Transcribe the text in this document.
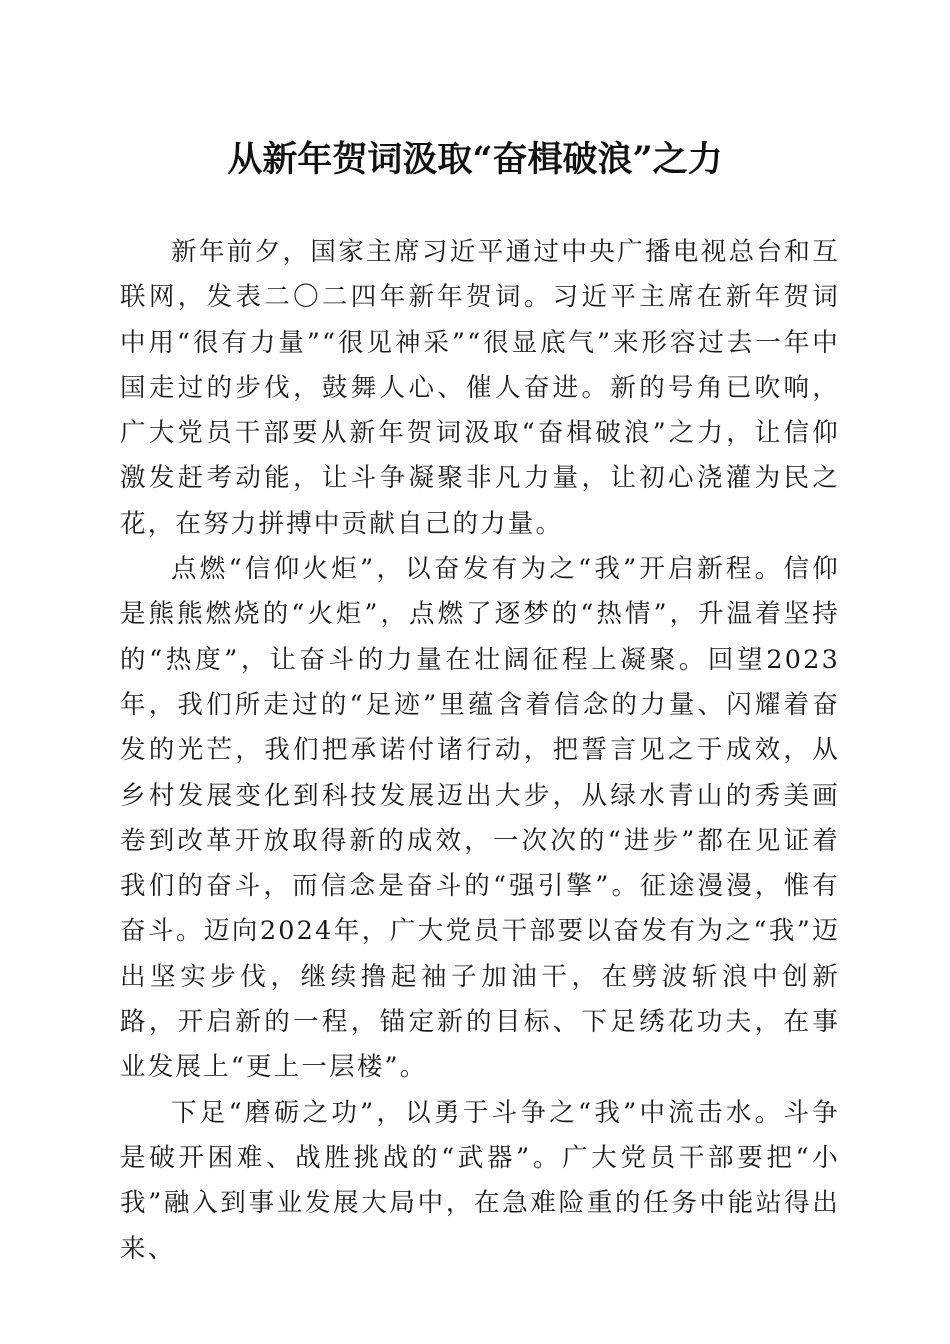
从新年贺词汲取“奋楫破浪”之力

新年前夕，国家主席习近平通过中央广播电视总台和互联网，发表二〇二四年新年贺词。习近平主席在新年贺词中用“很有力量”“很见神采”“很显底气”来形容过去一年中国走过的步伐，鼓舞人心、催人奋进。新的号角已吹响，广大党员干部要从新年贺词汲取“奋楫破浪”之力，让信仰激发赶考动能，让斗争凝聚非凡力量，让初心浇灌为民之花，在努力拼搏中贡献自己的力量。

点燃“信仰火炬”，以奋发有为之“我”开启新程。信仰是熊熊燃烧的“火炬”，点燃了逐梦的“热情”，升温着坚持的“热度”，让奋斗的力量在壮阔征程上凝聚。回望2023年，我们所走过的“足迹”里蕴含着信念的力量、闪耀着奋发的光芒，我们把承诺付诸行动，把誓言见之于成效，从乡村发展变化到科技发展迈出大步，从绿水青山的秀美画卷到改革开放取得新的成效，一次次的“进步”都在见证着我们的奋斗，而信念是奋斗的“强引擎”。征途漫漫，惟有奋斗。迈向2024年，广大党员干部要以奋发有为之“我”迈出坚实步伐，继续撸起袖子加油干，在劈波斩浪中创新路，开启新的一程，锚定新的目标、下足绣花功夫，在事业发展上“更上一层楼”。

下足“磨砺之功”，以勇于斗争之“我”中流击水。斗争是破开困难、战胜挑战的“武器”。广大党员干部要把“小我”融入到事业发展大局中，在急难险重的任务中能站得出来、
